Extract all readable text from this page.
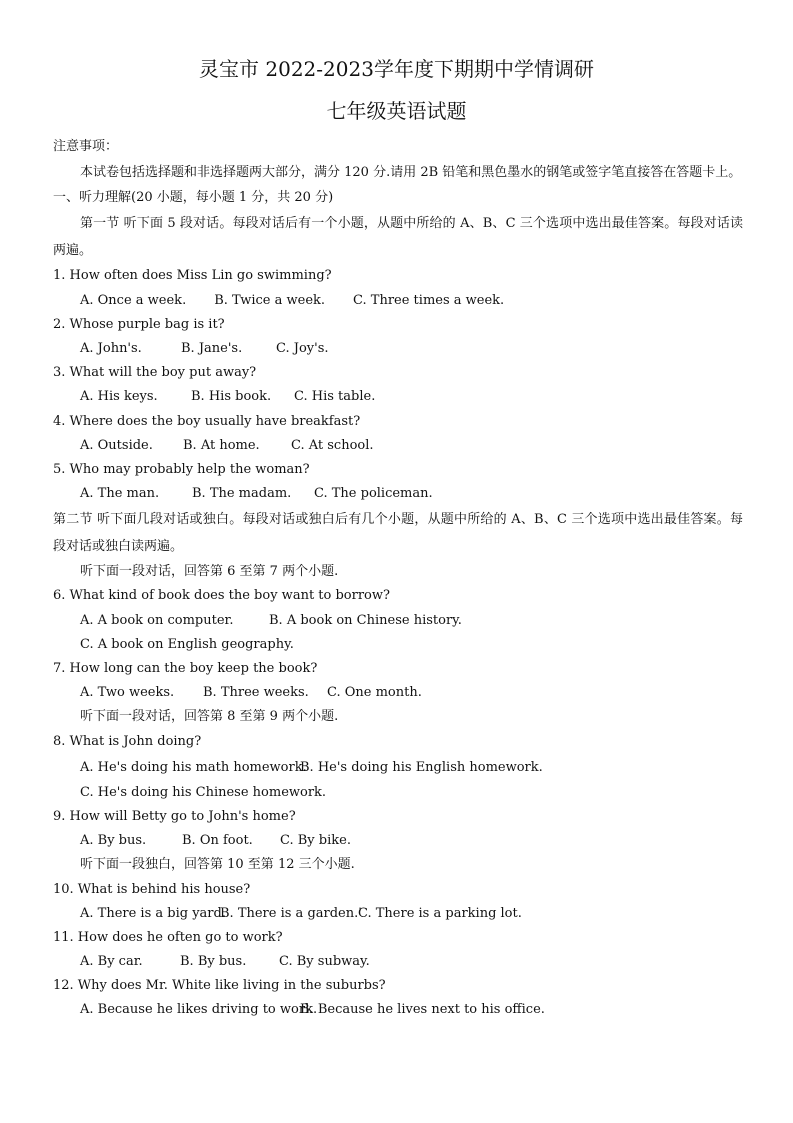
灵宝市 2022-2023学年度下期期中学情调研
七年级英语试题
注意事项：
本试卷包括选择题和非选择题两大部分，满分 120 分.请用 2B 铅笔和黑色墨水的钢笔或签字笔直接答在答题卡上。
一、听力理解(20 小题，每小题 1 分，共 20 分)
第一节 听下面 5 段对话。每段对话后有一个小题，从题中所给的 A、B、C 三个选项中选出最佳答案。每段对话读两遍。
1. How often does Miss Lin go swimming?
A. Once a week. B. Twice a week. C. Three times a week.
2. Whose purple bag is it?
A. John's.	B. Jane's.	C. Joy's.
3. What will the boy put away?
A. His keys.	B. His book. C. His table.
4. Where does the boy usually have breakfast?
A. Outside. B. At home. C. At school.
5. Who may probably help the woman?
A. The man.	B. The madam. C. The policeman.
第二节 听下面几段对话或独白。每段对话或独白后有几个小题，从题中所给的 A、B、C 三个选项中选出最佳答案。每段对话或独白读两遍。
听下面一段对话，回答第 6 至第 7 两个小题.
6. What kind of book does the boy want to borrow?
A. A book on computer.	B. A book on Chinese history.
C. A book on English geography.
7. How long can the boy keep the book?
A. Two weeks. B. Three weeks. C. One month.
听下面一段对话，回答第 8 至第 9 两个小题.
8. What is John doing?
A. He's doing his math homework.B. He's doing his English homework.
C. He's doing his Chinese homework.
9. How will Betty go to John's home?
A. By bus.	B. On foot. C. By bike.
听下面一段独白，回答第 10 至第 12 三个小题.
10. What is behind his house?
A. There is a big yard.B. There is a garden.'C. There is a parking lot.
11. How does he often go to work?
A. By car.	B. By bus.	C. By subway.
12. Why does Mr. White like living in the suburbs?
A. Because he likes driving to work.B. Because he lives next to his office.
